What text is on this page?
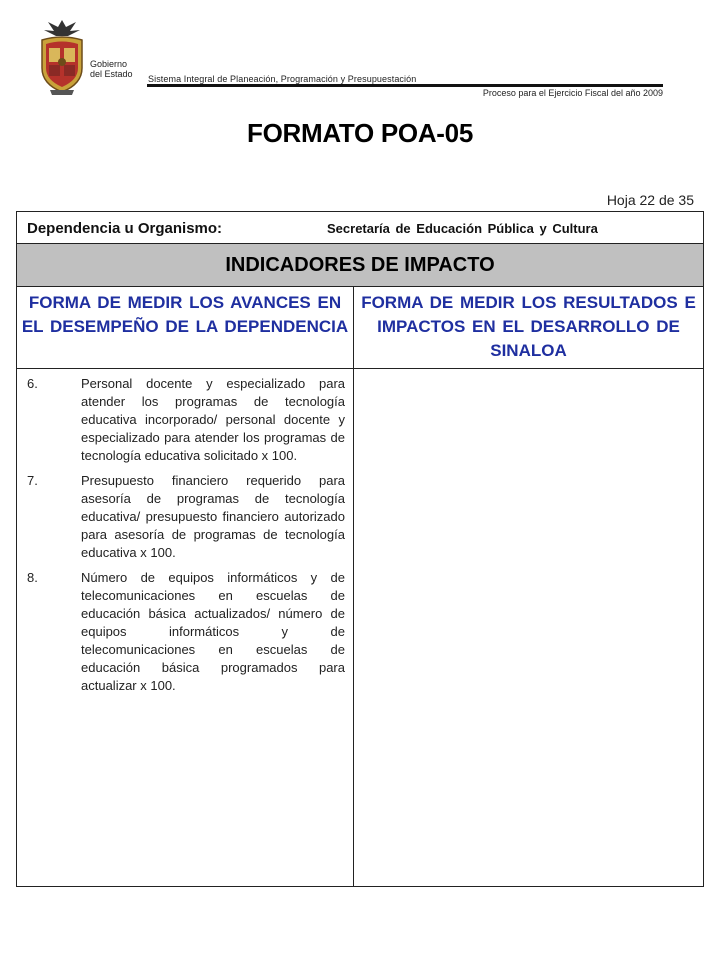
Gobierno
del Estado Sistema Integral de Planeación, Programación y Presupuestación
Proceso para el Ejercicio Fiscal del año 2009
FORMATO POA-05
Hoja 22 de 35
Dependencia u Organismo:	Secretaría de Educación Pública y Cultura
INDICADORES DE IMPACTO
FORMA DE MEDIR LOS AVANCES EN EL DESEMPEÑO DE LA DEPENDENCIA
FORMA DE MEDIR LOS RESULTADOS E IMPACTOS EN EL DESARROLLO DE SINALOA
6.	Personal docente y especializado para atender los programas de tecnología educativa incorporado/ personal docente y especializado para atender los programas de tecnología educativa solicitado x 100.
7.	Presupuesto financiero requerido para asesoría de programas de tecnología educativa/ presupuesto financiero autorizado para asesoría de programas de tecnología educativa x 100.
8.	Número de equipos informáticos y de telecomunicaciones en escuelas de educación básica actualizados/ número de equipos informáticos y de telecomunicaciones en escuelas de educación básica programados para actualizar x 100.
